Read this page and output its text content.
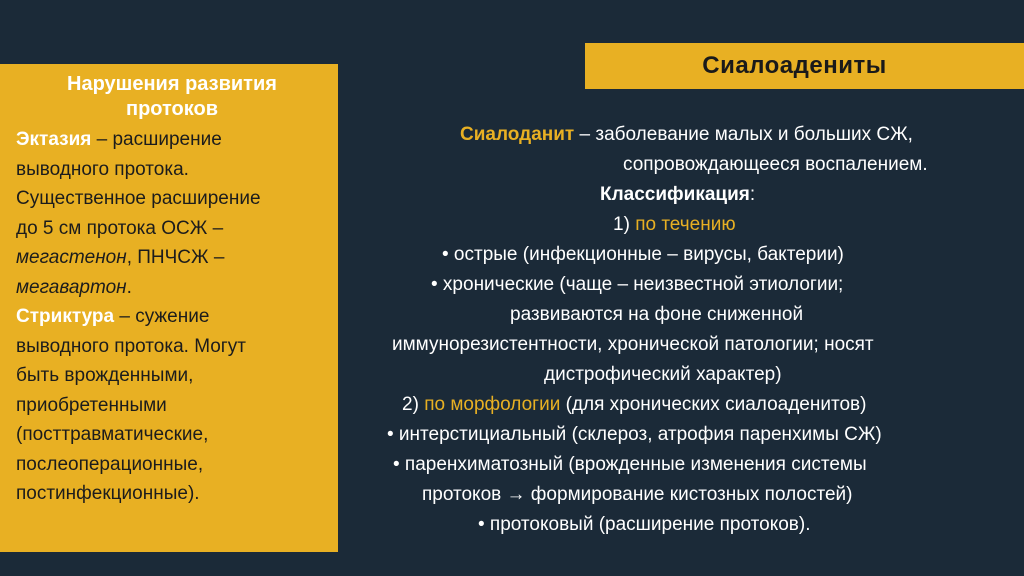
Нарушения развития
протоков
Эктазия – расширение
выводного протока.
Существенное расширение
до 5 см протока ОСЖ –
мегастенон, ПНЧСЖ –
мегавартон.
Стриктура – сужение
выводного протока. Могут
быть врожденными,
приобретенными
(посттравматические,
послеоперационные,
постинфекционные).
Сиалоадениты
Сиалоданит – заболевание малых и больших СЖ,
сопровождающееся воспалением.
Классификация:
1) по течению
• острые (инфекционные – вирусы, бактерии)
• хронические (чаще – неизвестной этиологии;
развиваются на фоне сниженной
иммунорезистентности, хронической патологии; носят
дистрофический характер)
2) по морфологии (для хронических сиалоаденитов)
• интерстициальный (склероз, атрофия паренхимы СЖ)
• паренхиматозный (врожденные изменения системы
протоков → формирование кистозных полостей)
• протоковый (расширение протоков).
